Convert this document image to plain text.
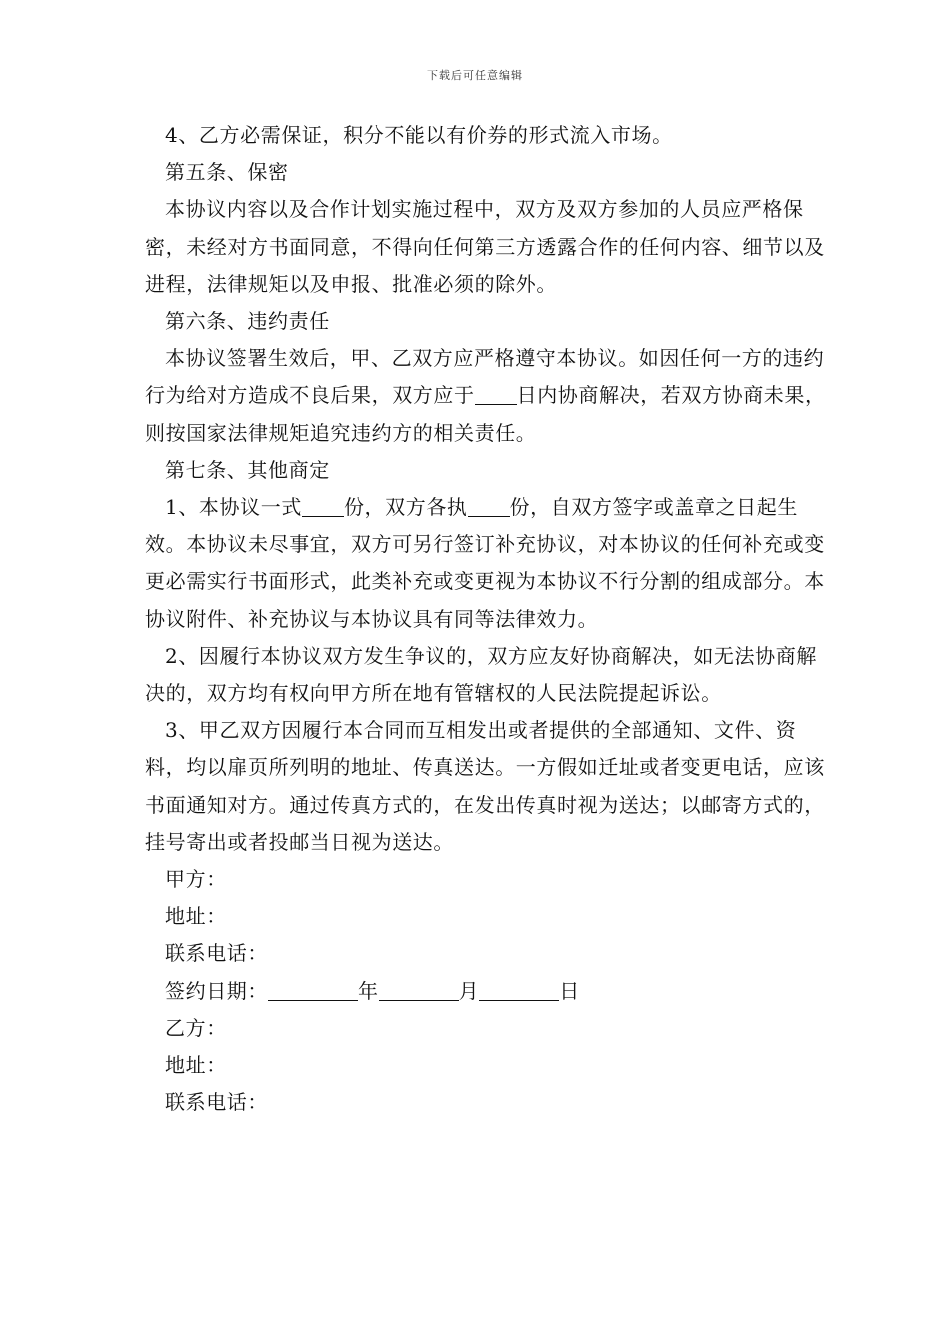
下载后可任意编辑

4、乙方必需保证，积分不能以有价券的形式流入市场。

第五条、保密

本协议内容以及合作计划实施过程中，双方及双方参加的人员应严格保密，未经对方书面同意，不得向任何第三方透露合作的任何内容、细节以及进程，法律规矩以及申报、批准必须的除外。

第六条、违约责任

本协议签署生效后，甲、乙双方应严格遵守本协议。如因任何一方的违约行为给对方造成不良后果，双方应于 日内协商解决，若双方协商未果，则按国家法律规矩追究违约方的相关责任。

第七条、其他商定

1、本协议一式 份，双方各执 份，自双方签字或盖章之日起生效。本协议未尽事宜，双方可另行签订补充协议，对本协议的任何补充或变更必需实行书面形式，此类补充或变更视为本协议不行分割的组成部分。本协议附件、补充协议与本协议具有同等法律效力。

2、因履行本协议双方发生争议的，双方应友好协商解决，如无法协商解决的，双方均有权向甲方所在地有管辖权的人民法院提起诉讼。

3、甲乙双方因履行本合同而互相发出或者提供的全部通知、文件、资料，均以扉页所列明的地址、传真送达。一方假如迁址或者变更电话，应该书面通知对方。通过传真方式的，在发出传真时视为送达；以邮寄方式的，挂号寄出或者投邮当日视为送达。

甲方：

地址：

联系电话：

签约日期：	年	月	日

乙方：

地址：

联系电话：
